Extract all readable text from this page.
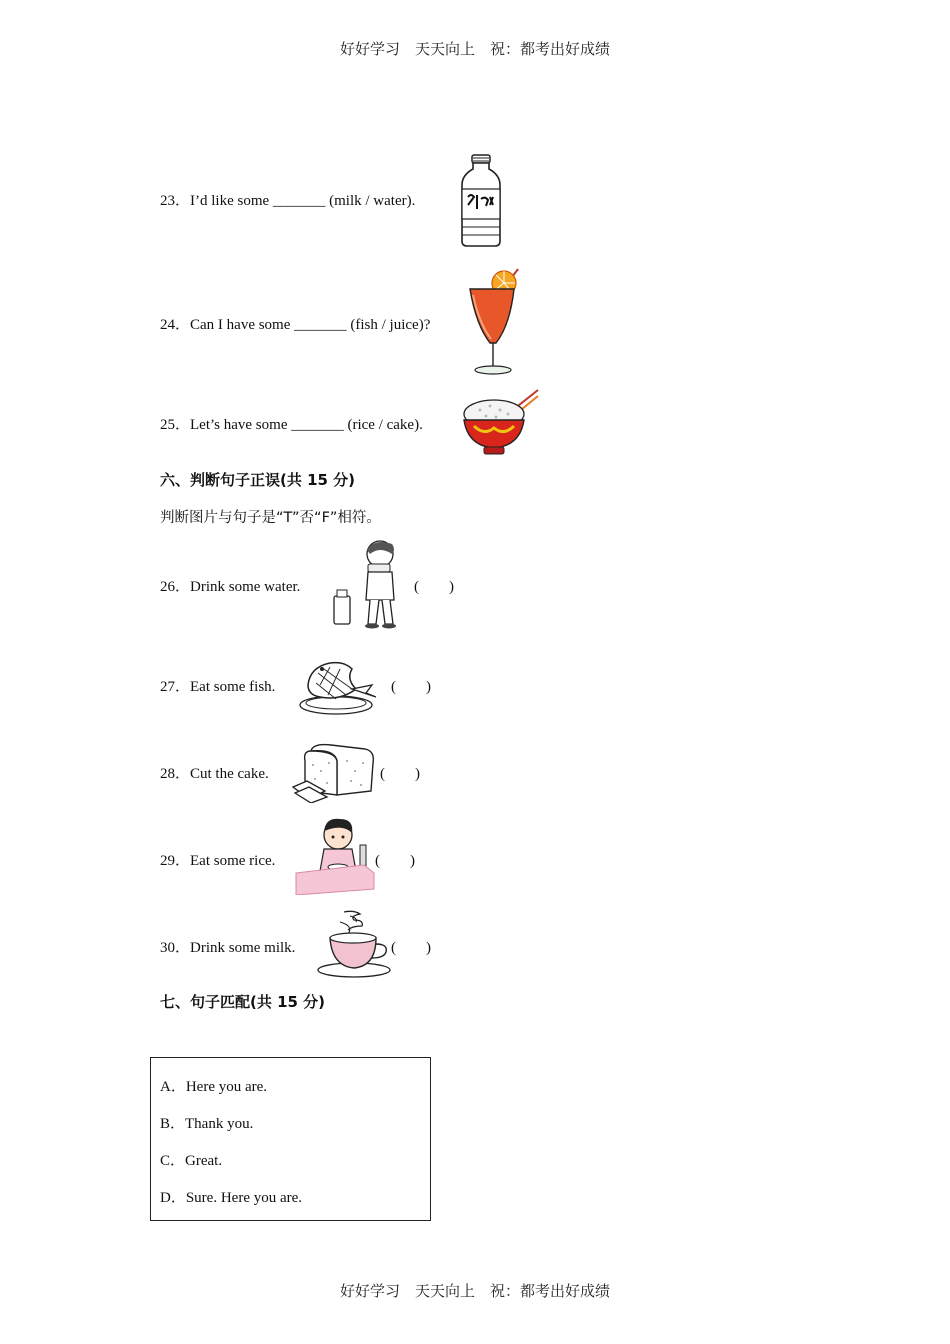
好好学习　天天向上　祝：都考出好成绩
23．I’d like some _______ (milk / water).
24．Can I have some _______ (fish / juice)?
25．Let’s have some _______ (rice / cake).
六、判断句子正误(共 15 分)
判断图片与句子是“T”否“F”相符。
26．Drink some water.	(　　)
27．Eat some fish.	(　　)
28．Cut the cake.	(　　)
29．Eat some rice.	(　　)
30．Drink some milk.	(　　)
七、句子匹配(共 15 分)
A．Here you are.
B．Thank you.
C．Great.
D．Sure. Here you are.
好好学习　天天向上　祝：都考出好成绩
